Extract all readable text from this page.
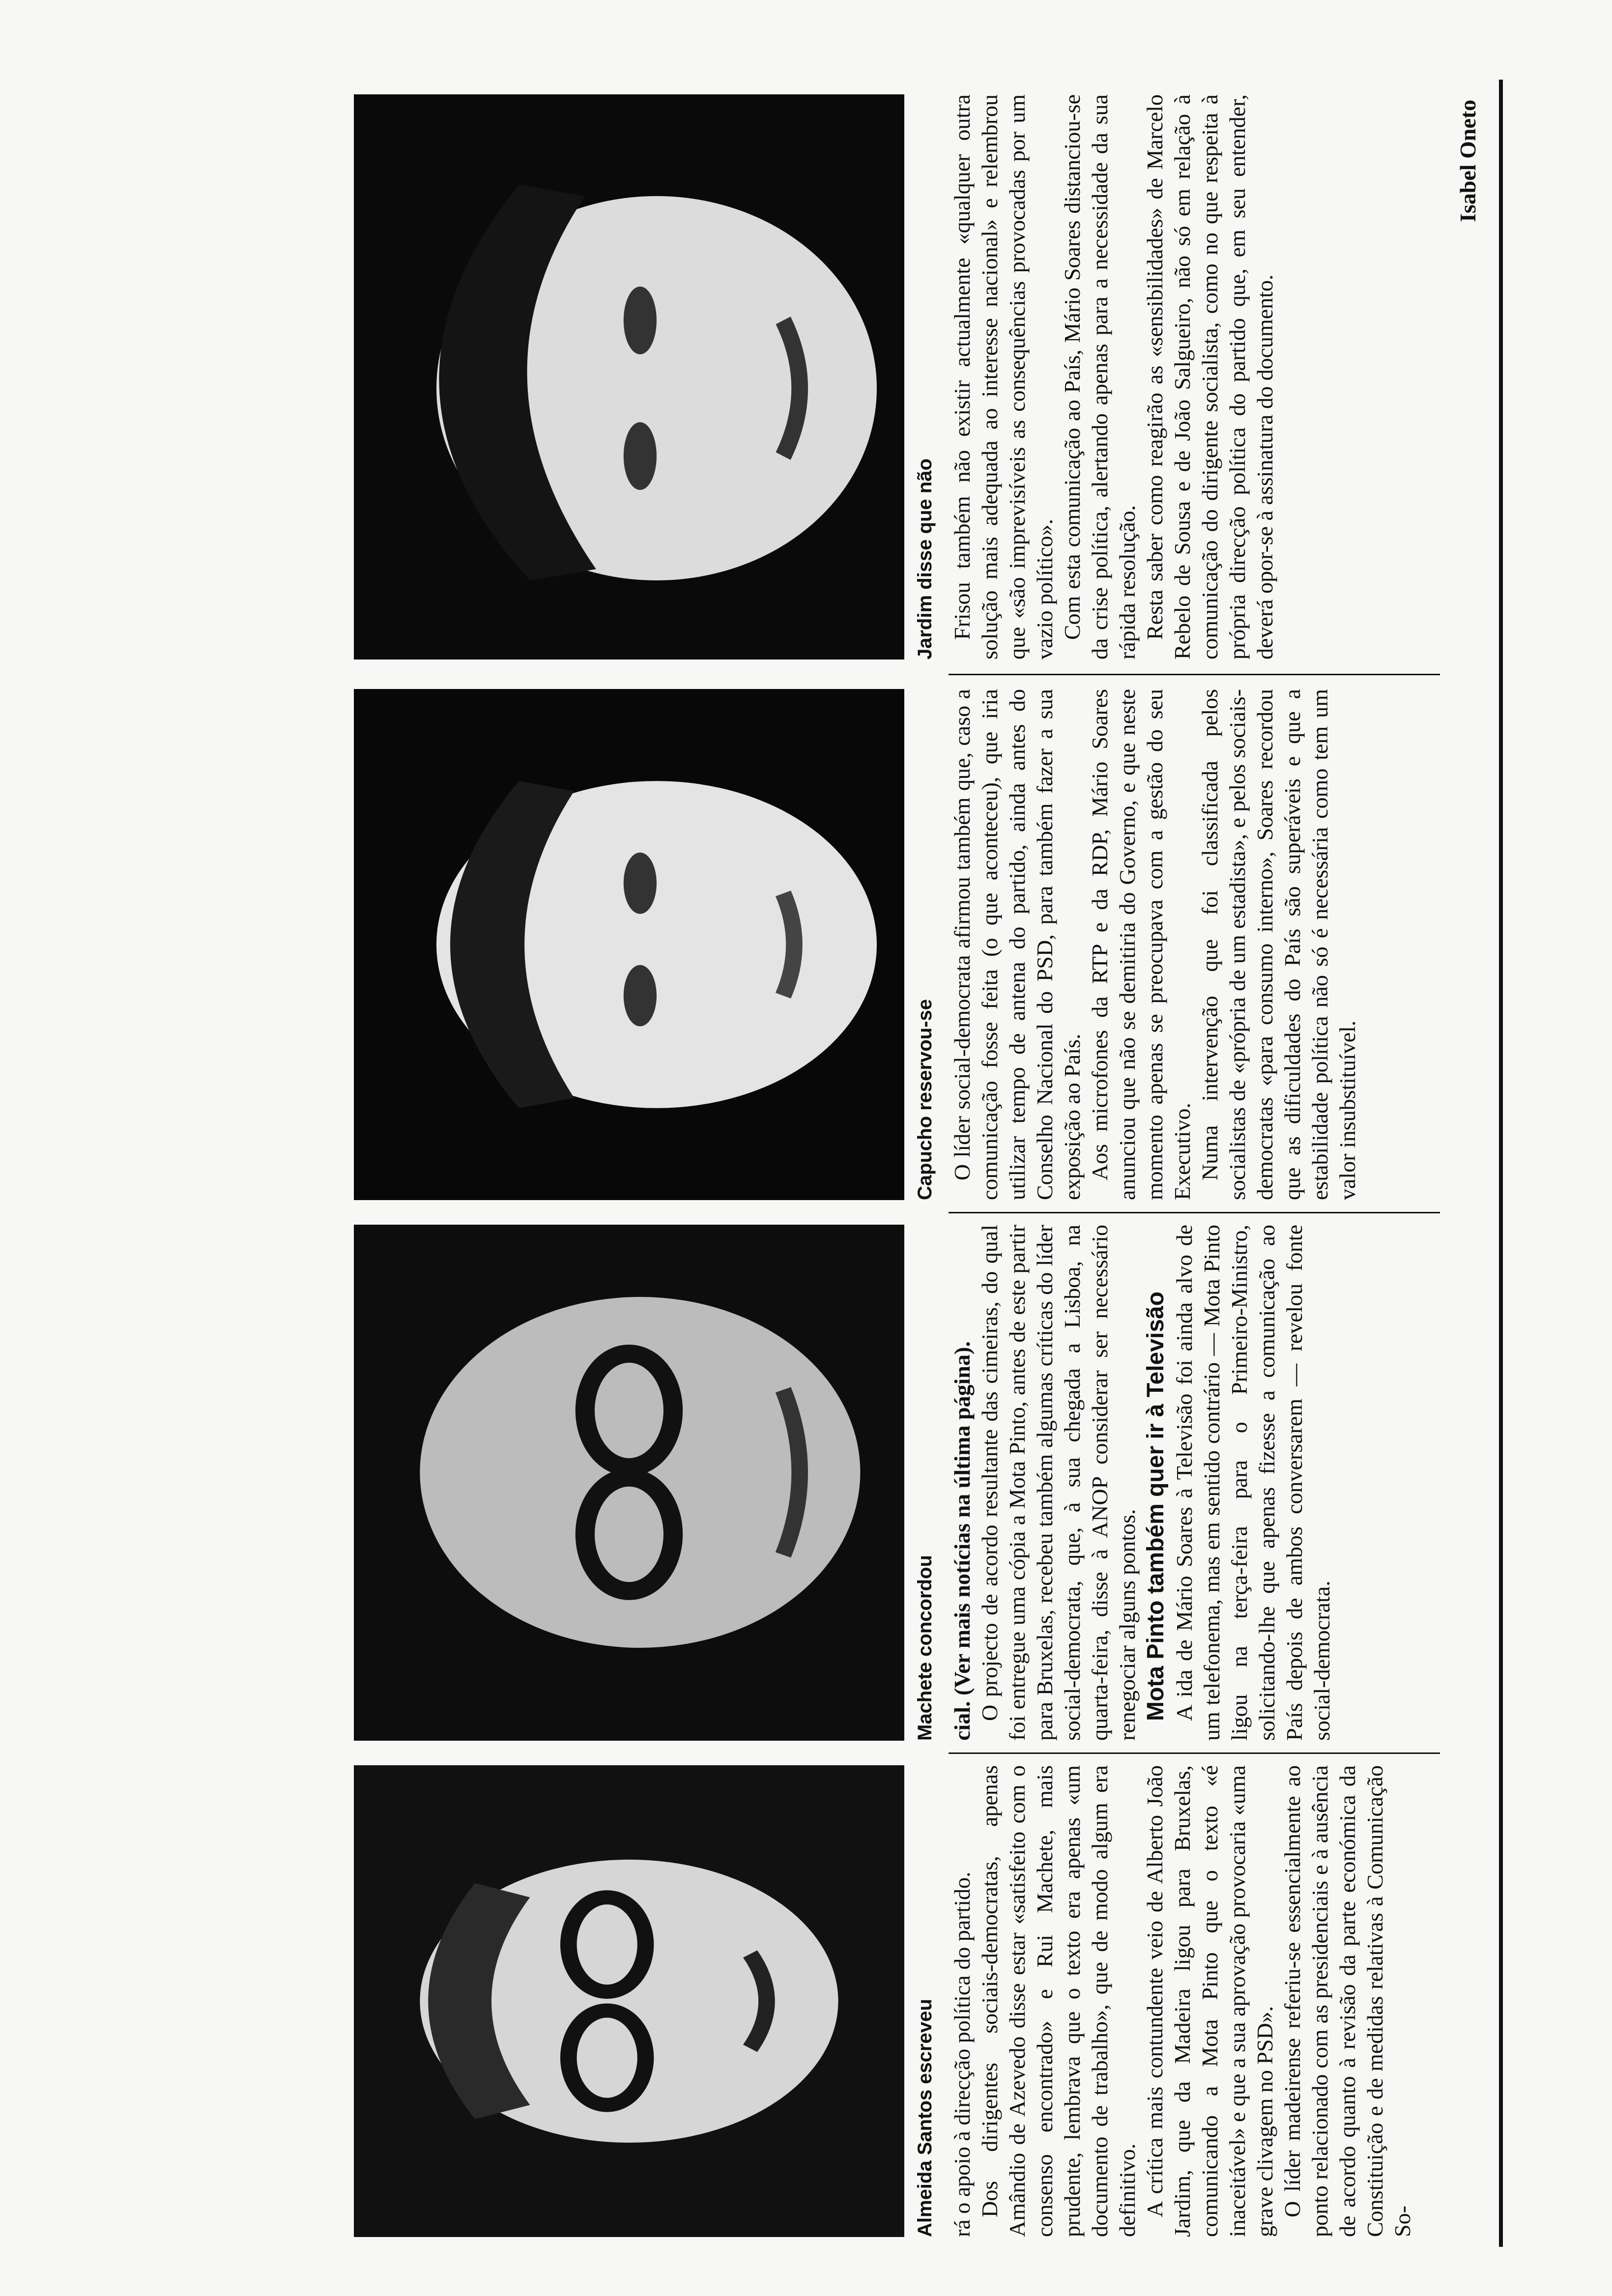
Almeida Santos escreveu
Machete concordou
Capucho reservou-se
Jardim disse que não

rá o apoio à direcção política do partido. Dos dirigentes sociais-democratas, apenas Amândio de Azevedo disse estar «satisfeito com o consenso encontrado» e Rui Machete, mais prudente, lembrava que o texto era apenas «um documento de trabalho», que de modo algum era definitivo. A crítica mais contundente veio de Alberto João Jardim, que da Madeira ligou para Bruxelas, comunicando a Mota Pinto que o texto «é inaceitável» e que a sua aprovação provocaria «uma grave clivagem no PSD». O líder madeirense referiu-se essencialmente ao ponto relacionado com as presidenciais e à ausência de acordo quanto à revisão da parte económica da Constituição e de medidas relativas à Comunicação So-

cial. (Ver mais notícias na última página). O projecto de acordo resultante das cimeiras, do qual foi entregue uma cópia a Mota Pinto, antes de este partir para Bruxelas, recebeu também algumas críticas do líder social-democrata, que, à sua chegada a Lisboa, na quarta-feira, disse à ANOP considerar ser necessário renegociar alguns pontos. Mota Pinto também quer ir à Televisão A ida de Mário Soares à Televisão foi ainda alvo de um telefonema, mas em sentido contrário — Mota Pinto ligou na terça-feira para o Primeiro-Ministro, solicitando-lhe que apenas fizesse a comunicação ao País depois de ambos conversarem — revelou fonte social-democrata.

O líder social-democrata afirmou também que, caso a comunicação fosse feita (o que aconteceu), que iria utilizar tempo de antena do partido, ainda antes do Conselho Nacional do PSD, para também fazer a sua exposição ao País. Aos microfones da RTP e da RDP, Mário Soares anunciou que não se demitiria do Governo, e que neste momento apenas se preocupava com a gestão do seu Executivo. Numa intervenção que foi classificada pelos socialistas de «própria de um estadista», e pelos sociais-democratas «para consumo interno», Soares recordou que as dificuldades do País são superáveis e que a estabilidade política não só é necessária como tem um valor insubstituível.

Frisou também não existir actualmente «qualquer outra solução mais adequada ao interesse nacional» e relembrou que «são imprevisíveis as consequências provocadas por um vazio político». Com esta comunicação ao País, Mário Soares distanciou-se da crise política, alertando apenas para a necessidade da sua rápida resolução. Resta saber como reagirão as «sensibilidades» de Marcelo Rebelo de Sousa e de João Salgueiro, não só em relação à comunicação do dirigente socialista, como no que respeita à própria direcção política do partido que, em seu entender, deverá opor-se à assinatura do documento.

Isabel Oneto
